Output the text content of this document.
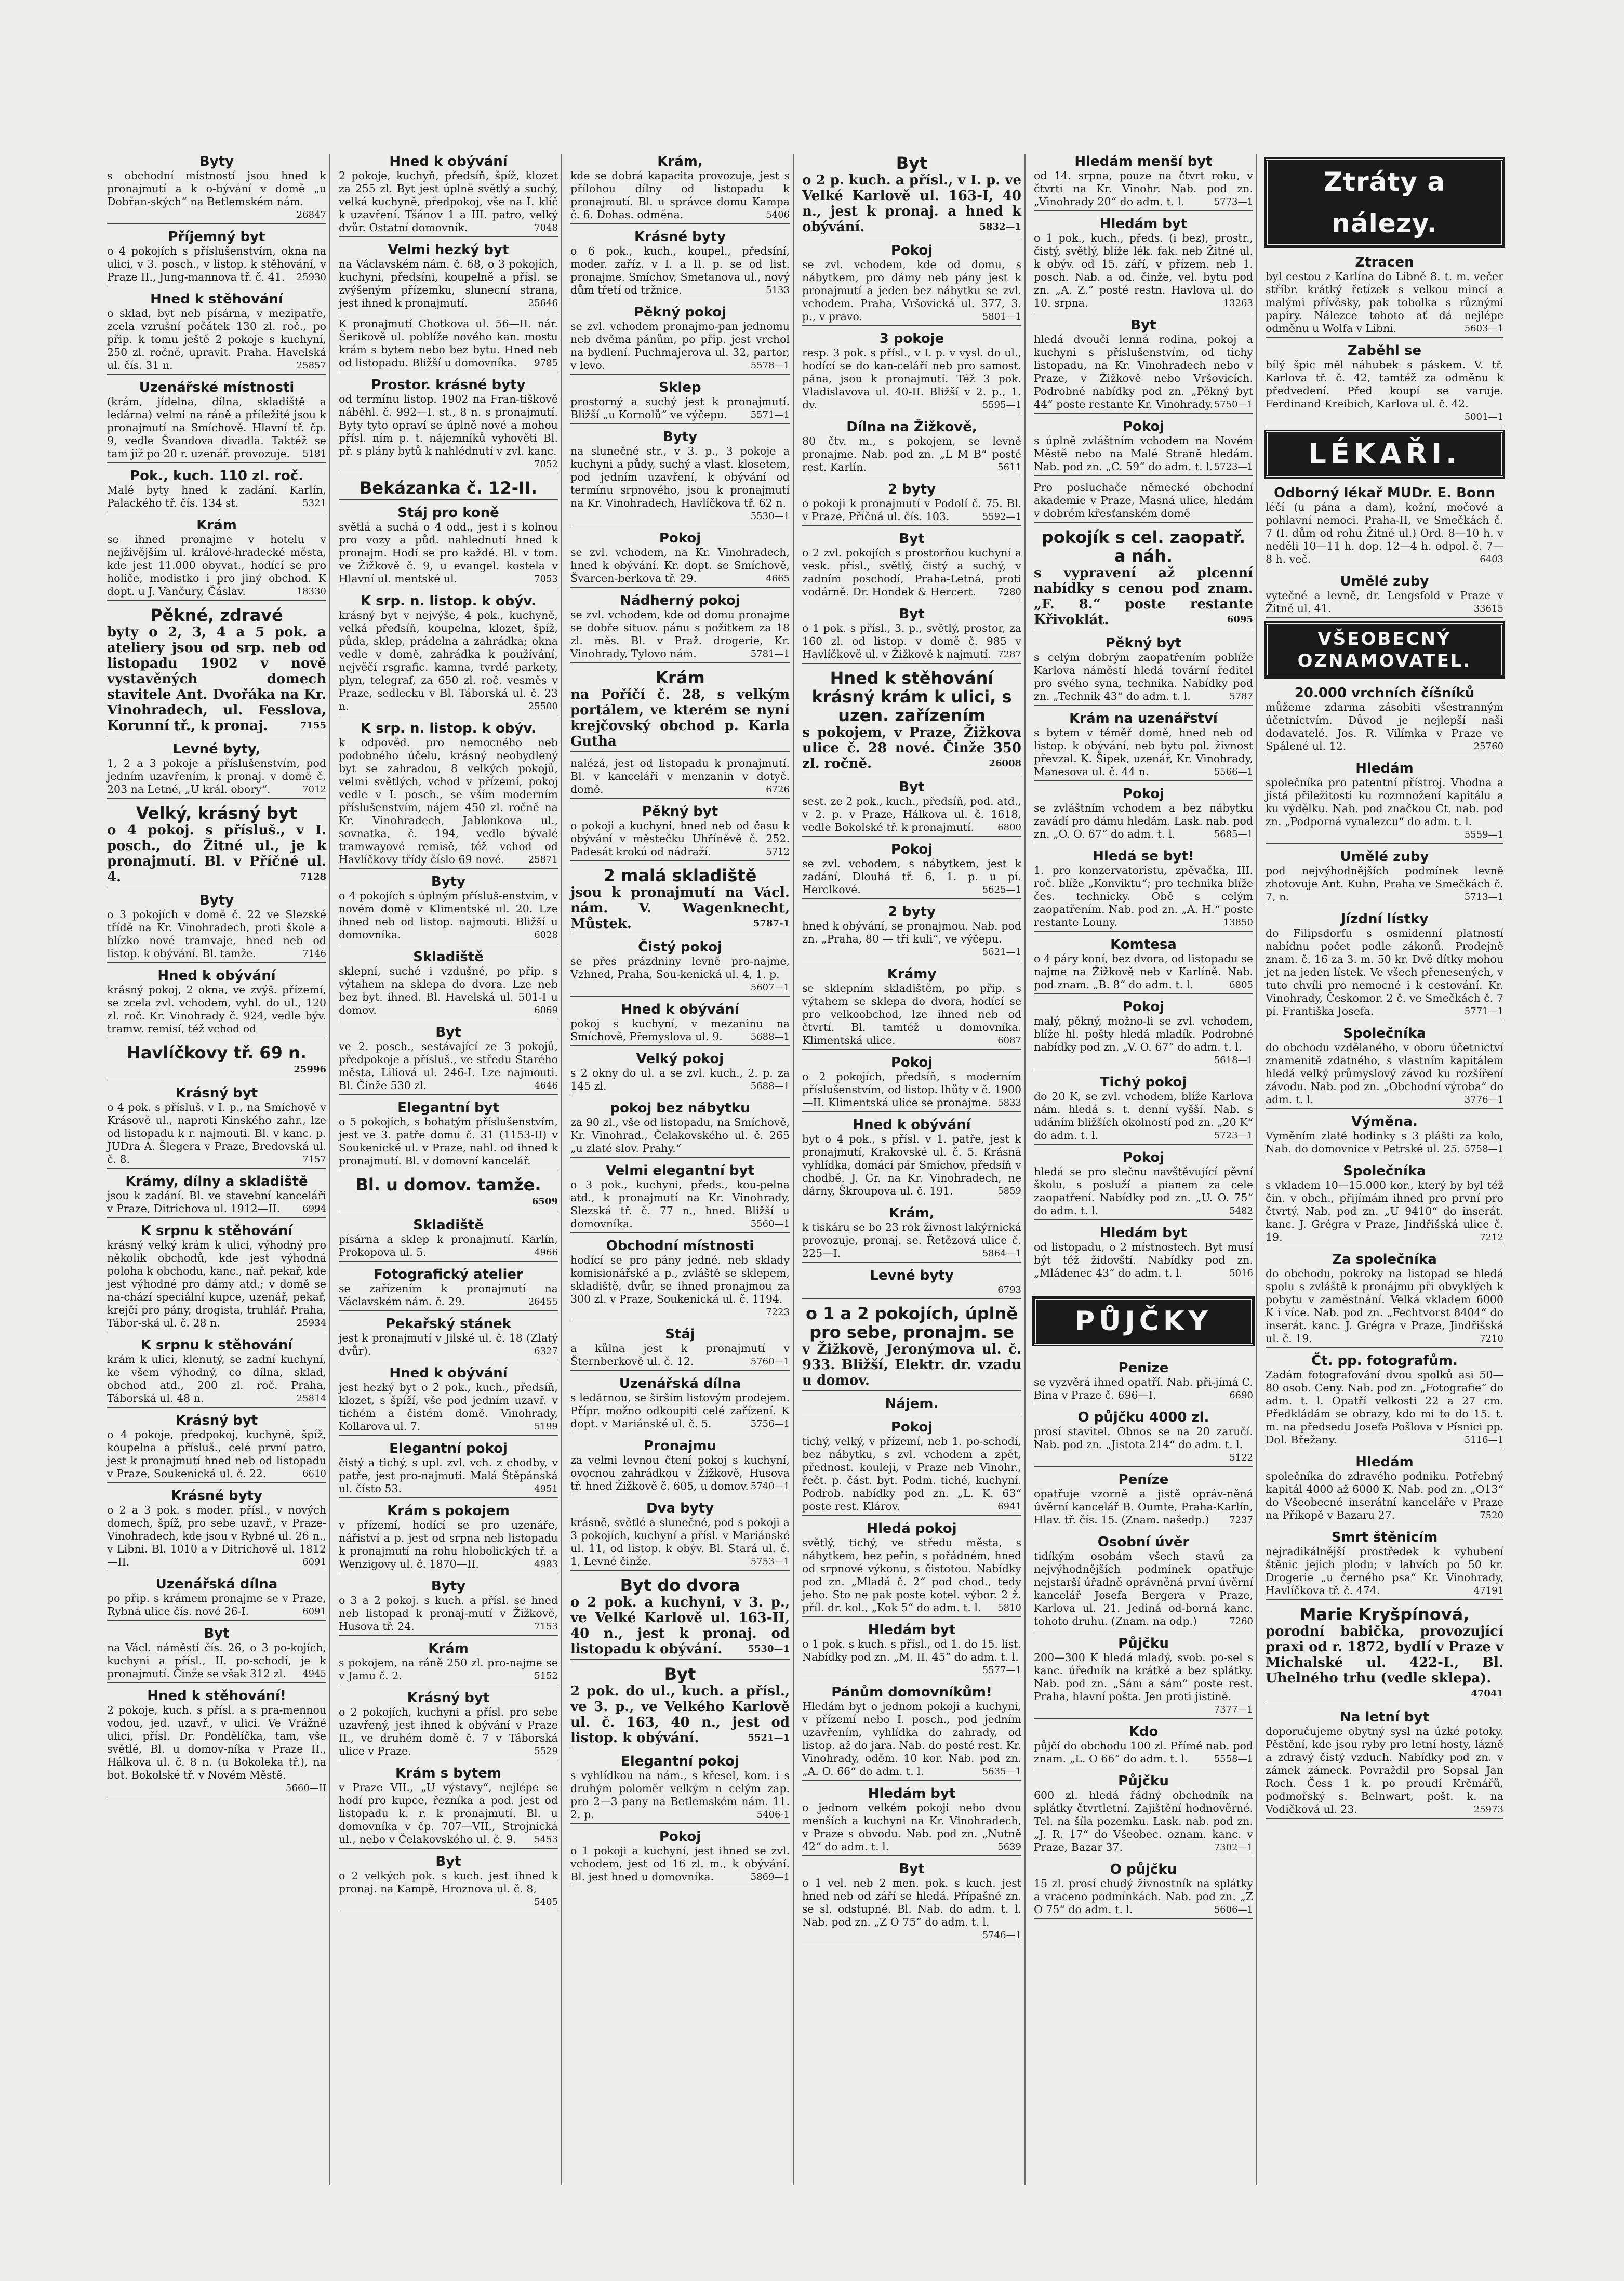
Byty
s obchodní místností jsou hned k pronajmutí a k o-bývání v domě „u Dobřan-ských“ na Betlemském nám.
26847
Příjemný byt
o 4 pokojích s příslušenstvím, okna na ulici, v 3. posch., v listop. k stěhování, v Praze II., Jung-mannova tř. č. 41. 25930
Hned k stěhování
o sklad, byt neb písárna, v mezipatře, zcela vzrušní počátek 130 zl. roč., po přip. k tomu ještě 2 pokoje s kuchyní, 250 zl. ročně, upravit. Praha. Havelská ul. čís. 31 n.	25857
Uzenářské místnosti
(krám, jídelna, dílna, skladiště a ledárna) velmi na ráně a příležité jsou k pronajmutí na Smíchově. Hlavní tř. čp. 9, vedle Švandova divadla. Taktéž se tam již po 20 r. uzenář. provozuje. 5181
Pok., kuch. 110 zl. roč.
Malé byty hned k zadání. Karlín, Palackého tř. čís. 134 st.	5321
Krám
se ihned pronajme v hotelu v nejživějším ul. králové-hradecké města, kde jest 11.000 obyvat., hodící se pro holiče, modistko i pro jiný obchod. K dopt. u J. Vančury, Čáslav.	18330
Pěkné, zdravé
byty o 2, 3, 4 a 5 pok. a ateliery jsou od srp. neb od listopadu 1902 v nově vystavěných domech stavitele Ant. Dvořáka na Kr. Vinohradech, ul. Fesslova, Korunní tř., k pronaj.	7155
Levné byty,
1, 2 a 3 pokoje a příslušenstvím, pod jedním uzavřením, k pronaj. v domě č. 203 na Letné, „U král. obory“.	7012
Velký, krásný byt
o 4 pokoj. s přísluš., v I. posch., do Žitné ul., je k pronajmutí. Bl. v Příčné ul. 4.	7128
Byty
o 3 pokojích v domě č. 22 ve Slezské třídě na Kr. Vinohradech, proti škole a blízko nové tramvaje, hned neb od listop. k obývání. Bl. tamže.	7146
Hned k obývání
krásný pokoj, 2 okna, ve zvýš. přízemí, se zcela zvl. vchodem, vyhl. do ul., 120 zl. roč. Kr. Vinohrady č. 924, vedle býv. tramw. remisí, též vchod od
Havlíčkovy tř. 69 n.
25996
Krásný byt
o 4 pok. s přísluš. v I. p., na Smíchově v Krásově ul., naproti Kinského zahr., lze od listopadu k r. najmouti. Bl. v kanc. p. JUDra A. Šlegera v Praze, Bredovská ul. č. 8.	7157
Krámy, dílny a skladiště
jsou k zadání. Bl. ve stavební kanceláři v Praze, Ditrichova ul. 1912—II. 6994
K srpnu k stěhování
krásný velký krám k ulici, výhodný pro několik obchodů, kde jest výhodná poloha k obchodu, kanc., nař. pekař, kde jest výhodné pro dámy atd.; v domě se na-chází speciální kupce, uzenář, pekař, krejčí pro pány, drogista, truhlář. Praha, Tábor-ská ul. č. 28 n.	25934
K srpnu k stěhování
krám k ulici, klenutý, se zadní kuchyní, ke všem výhodný, co dílna, sklad, obchod atd., 200 zl. roč. Praha, Táborská ul. 48 n.	25814
Krásný byt
o 4 pokoje, předpokoj, kuchyně, špíž, koupelna a přísluš., celé první patro, jest k pronajmutí hned neb od listopadu v Praze, Soukenická ul. č. 22.	6610
Krásné byty
o 2 a 3 pok. s moder. přísl., v nových domech, špíž, pro sebe uzavř., v Praze-Vinohradech, kde jsou v Rybné ul. 26 n., v Libni. Bl. 1010 a v Ditrichově ul. 1812—II.	6091
Uzenářská dílna
po přip. s krámem pronajme se v Praze, Rybná ulice čís. nové 26-I.	6091
Byt
na Václ. náměstí čís. 26, o 3 po-kojích, kuchyni a přísl., II. po-schodí, je k pronajmutí. Činže se však 312 zl. 4945
Hned k stěhování!
2 pokoje, kuch. s přísl. a s pra-mennou vodou, jed. uzavř., v ulici. Ve Vrážné ulici, přísl. Dr. Pondělíčka, tam, vše světlé, Bl. u domov-níka v Praze II., Hálkova ul. č. 8 n. (u Bokoleka tř.), na bot. Bokolské tř. v Novém Městě.
5660—II
Hned k obývání
2 pokoje, kuchyň, předsíň, špíž, klozet za 255 zl. Byt jest úplně světlý a suchý, velká kuchyně, předpokoj, vše na I. klíč k uzavření. Tšánov 1 a III. patro, velký dvůr. Ostatní domovník.	7048
Velmi hezký byt
na Václavském nám. č. 68, o 3 pokojích, kuchyni, předsíni, koupelně a přísl. se zvýšeným přízemku, slunecní strana, jest ihned k pronajmutí.	25646
K pronajmutí Chotkova ul. 56—II. nár. Šerikově ul. poblíže nového kan. mostu krám s bytem nebo bez bytu. Hned neb od listopadu. Bližší u domovníka. 9785
Prostor. krásné byty
od termínu listop. 1902 na Fran-tiškově náběhl. č. 992—I. st., 8 n. s pronajmutí. Byty tyto opraví se úplně nové a mohou přísl. ním p. t. nájemníků vyhověti Bl. př. s plány bytů k nahlédnutí v zvl. kanc.
7052
Bekázanka č. 12-II.
Stáj pro koně
světlá a suchá o 4 odd., jest i s kolnou pro vozy a půd. nahlednutí hned k pronajm. Hodí se pro každé. Bl. v tom. ve Žižkově č. 9, u evangel. kostela v Hlavní ul. mentské ul.	7053
K srp. n. listop. k obýv.
krásný byt v nejvýše, 4 pok., kuchyně, velká předsíň, koupelna, klozet, špíž, půda, sklep, prádelna a zahrádka; okna vedle v domě, zahrádka k používání, nejvěčí rsgrafic. kamna, tvrdé parkety, plyn, telegraf, za 650 zl. roč. vesměs v Praze, sedlecku v Bl. Táborská ul. č. 23 n.	25500
K srp. n. listop. k obýv.
k odpověd. pro nemocného neb podobného účelu, krásný neobydlený byt se zahradou, 8 velkých pokojů, velmi světlých, vchod v přízemí, pokoj vedle v I. posch., se vším moderním příslušenstvím, nájem 450 zl. ročně na Kr. Vinohradech, Jablonkova ul., sovnatka, č. 194, vedlo bývalé tramwayové remisě, též vchod od Havlíčkovy třídy číslo 69 nové.	25871
Byty
o 4 pokojích s úplným přísluš-enstvím, v novém domě v Klimentské ul. 20. Lze ihned neb od listop. najmouti. Bližší u domovníka.	6028
Skladiště
sklepní, suché i vzdušné, po přip. s výtahem na sklepa do dvora. Lze neb bez byt. ihned. Bl. Havelská ul. 501-I u domov.	6069
Byt
ve 2. posch., sestávající ze 3 pokojů, předpokoje a přísluš., ve středu Starého města, Liliová ul. 246-I. Lze najmouti. Bl. Činže 530 zl.	4646
Elegantní byt
o 5 pokojích, s bohatým příslušenstvím, jest ve 3. patře domu č. 31 (1153-II) v Soukenické ul. v Praze, nahl. od ihned k pronajmutí. Bl. v domovní kancelář.
Bl. u domov. tamže.
6509
Skladiště
písárna a sklep k pronajmutí. Karlín, Prokopova ul. 5.	4966
Fotografický atelier
se zařízením k pronajmutí na Václavském nám. č. 29.	26455
Pekařský stánek
jest k pronajmutí v Jilské ul. č. 18 (Zlatý dvůr).	6327
Hned k obývání
jest hezký byt o 2 pok., kuch., předsíň, klozet, s špíží, vše pod jedním uzavř. v tichém a čistém domě. Vinohrady, Kollarova ul. 7.	5199
Elegantní pokoj
čistý a tichý, s upl. zvl. vch. z chodby, v patře, jest pro-najmuti. Malá Štěpánská ul. čísto 53.	4951
Krám s pokojem
v přízemí, hodící se pro uzenáře, nářiství a p. jest od srpna neb listopadu k pronajmutí na rohu hlobolických tř. a Wenzigovy ul. č. 1870—II.	4983
Byty
o 3 a 2 pokoj. s kuch. a přísl. se hned neb listopad k pronaj-mutí v Žižkově, Husova tř. 24.	7153
Krám
s pokojem, na ráně 250 zl. pro-najme se v Jamu č. 2.	5152
Krásný byt
o 2 pokojích, kuchyni a přísl. pro sebe uzavřený, jest ihned k obývání v Praze II., ve druhém domě č. 7 v Táborská ulice v Praze.	5529
Krám s bytem
v Praze VII., „U výstavy“, nejlépe se hodí pro kupce, řezníka a pod. jest od listopadu k. r. k pronajmutí. Bl. u domovníka v čp. 707—VII., Strojnická ul., nebo v Čelakovského ul. č. 9. 5453
Byt
o 2 velkých pok. s kuch. jest ihned k pronaj. na Kampě, Hroznova ul. č. 8,
5405
Krám,
kde se dobrá kapacita provozuje, jest s přílohou dílny od listopadu k pronajmutí. Bl. u správce domu Kampa č. 6. Dohas. odměna.	5406
Krásné byty
o 6 pok., kuch., koupel., předsíní, moder. zaříz. v I. a II. p. se od list. pronajme. Smíchov, Smetanova ul., nový dům třetí od tržnice.	5133
Pěkný pokoj
se zvl. vchodem pronajmo-pan jednomu neb dvěma pánům, po přip. jest vrchol na bydlení. Puchmajerova ul. 32, partor, v levo.	5578—1
Sklep
prostorný a suchý jest k pronajmutí. Bližší „u Kornolů“ ve výčepu. 5571—1
Byty
na slunečné str., v 3. p., 3 pokoje a kuchyni a půdy, suchý a vlast. klosetem, pod jedním uzavření, k obývání od termínu srpnového, jsou k pronajmutí na Kr. Vinohradech, Havlíčkova tř. 62 n.
5530—1
Pokoj
se zvl. vchodem, na Kr. Vinohradech, hned k obývání. Kr. dopt. se Smíchově, Švarcen-berkova tř. 29.	4665
Nádherný pokoj
se zvl. vchodem, kde od domu pronajme se dobře situov. pánu s požitkem za 18 zl. měs. Bl. v Praž. drogerie, Kr. Vinohrady, Tylovo nám.	5781—1
Krám
na Poříčí č. 28, s velkým portálem, ve kterém se nyní krejčovský obchod p. Karla Gutha
nalézá, jest od listopadu k pronajmutí. Bl. v kanceláři v menzanin v dotyč. domě.	6726
Pěkný byt
o pokoji a kuchyni, hned neb od času k obývání v městečku Uhříněvě č. 252. Padesát krokú od nádraží.	5712
2 malá skladiště
jsou k pronajmutí na Václ. nám. V. Wagenknecht, Můstek.	5787-1
Čistý pokoj
se přes prázdniny levně pro-najme, Vzhned, Praha, Sou-kenická ul. 4, 1. p.
5607—1
Hned k obývání
pokoj s kuchyní, v mezaninu na Smíchově, Přemyslova ul. 9.	5688—1
Velký pokoj
s 2 okny do ul. a se zvl. kuch., 2. p. za 145 zl.	5688—1
pokoj bez nábytku
za 90 zl., vše od listopadu, na Smíchově, Kr. Vinohrad., Čelakovského ul. č. 265 „u zlaté slov. Prahy.“
Velmi elegantní byt
o 3 pok., kuchyni, předs., kou-pelna atd., k pronajmutí na Kr. Vinohrady, Slezská tř. č. 77 n., hned. Bližší u domovníka.	5560—1
Obchodní místnosti
hodící se pro pány jedné. neb sklady komisionářské a p., zvláště se sklepem, skladiště, dvůr, se ihned pronajmou za 300 zl. v Praze, Soukenická ul. č. 1194.
7223
Stáj
a kůlna jest k pronajmutí v Šternberkově ul. č. 12.	5760—1
Uzenářská dílna
s ledárnou, se širším listovým prodejem. Přípr. možno odkoupiti celé zařízení. K dopt. v Mariánské ul. č. 5.	5756—1
Pronajmu
za velmi levnou čtení pokoj s kuchyní, ovocnou zahrádkou v Žižkově, Husova tř. hned Žižkově č. 605, u domov. 5740—1
Dva byty
krásně, světlé a slunečné, pod s pokoji a 3 pokojích, kuchyní a přísl. v Mariánské ul. 11, od listop. k obýv. Bl. Stará ul. č. 1, Levné činže.	5753—1
Byt do dvora
o 2 pok. a kuchyni, v 3. p., ve Velké Karlově ul. 163-II, 40 n., jest k pronaj. od listopadu k obývání.	5530—1
Byt
2 pok. do ul., kuch. a přísl., ve 3. p., ve Velkého Karlově ul. č. 163, 40 n., jest od listop. k obývání.	5521—1
Elegantní pokoj
s vyhlídkou na nám., s křesel, kom. i s druhým poloměr velkým n celým zap. pro 2—3 pany na Betlemském nám. 11. 2. p.	5406-1
Pokoj
o 1 pokoji a kuchyní, jest ihned se zvl. vchodem, jest od 16 zl. m., k obývání. Bl. jest hned u domovníka.	5869—1
Byt
o 2 p. kuch. a přísl., v I. p. ve Velké Karlově ul. 163-I, 40 n., jest k pronaj. a hned k obývání.	5832—1
Pokoj
se zvl. vchodem, kde od domu, s nábytkem, pro dámy neb pány jest k pronajmutí a jeden bez nábytku se zvl. vchodem. Praha, Vršovická ul. 377, 3. p., v pravo.	5801—1
3 pokoje
resp. 3 pok. s přísl., v I. p. v vysl. do ul., hodící se do kan-celáří neb pro samost. pána, jsou k pronajmutí. Též 3 pok. Vladislavova ul. 40-II. Bližší v 2. p., 1. dv.	5595—1
Dílna na Žižkově,
80 čtv. m., s pokojem, se levně pronajme. Nab. pod zn. „L M B“ posté rest. Karlín.	5611
2 byty
o pokoji k pronajmutí v Podolí č. 75. Bl. v Praze, Příčná ul. čís. 103.	5592—1
Byt
o 2 zvl. pokojích s prostorňou kuchyní a vesk. přísl., světlý, čistý a suchý, v zadním poschodí, Praha-Letná, proti vodárně. Dr. Hondek & Hercert. 7280
Byt
o 1 pok. s přísl., 3. p., světlý, prostor, za 160 zl. od listop. v domě č. 985 v Havlíčkově ul. v Žižkově k najmutí. 7287
Hned k stěhování krásný krám k ulici, s uzen. zařízením
s pokojem, v Praze, Žižkova ulice č. 28 nové. Činže 350 zl. ročně.	26008
Byt
sest. ze 2 pok., kuch., předsíň, pod. atd., v 2. p. v Praze, Hálkova ul. č. 1618, vedle Bokolské tř. k pronajmutí.	6800
Pokoj
se zvl. vchodem, s nábytkem, jest k zadání, Dlouhá tř. 6, 1. p. u pí. Herclkové.	5625—1
2 byty
hned k obývání, se pronajmou. Nab. pod zn. „Praha, 80 — tři kuli“, ve výčepu.
5621—1
Krámy
se sklepním skladištěm, po přip. s výtahem se sklepa do dvora, hodící se pro velkoobchod, lze ihned neb od čtvrtí. Bl. tamtéž u domovníka. Klimentská ulice.	6087
Pokoj
o 2 pokojích, předsíň, s moderním příslušenstvím, od listop. lhůty v č. 1900—II. Klimentská ulice se pronajme. 5833
Hned k obývání
byt o 4 pok., s přísl. v 1. patře, jest k pronajmutí, Krakovské ul. č. 5. Krásná vyhlídka, domácí pár Smíchov, předsíň v chodbě. J. Gr. na Kr. Vinohradech, ne dárny, Škroupova ul. č. 191.	5859
Krám,
k tiskáru se bo 23 rok živnost lakýrnická provozuje, pronaj. se. Řetězová ulice č. 225—I.	5864—1
Levné byty
6793
o 1 a 2 pokojích, úplně pro sebe, pronajm. se
v Žižkově, Jeronýmova ul. č. 933. Bližší, Elektr. dr. vzadu u domov.
Nájem.
Pokoj
tichý, velký, v přízemí, neb 1. po-schodí, bez nábytku, s zvl. vchodem a zpět, přednost. kouleji, v Praze neb Vinohr., řečt. p. část. byt. Podm. tiché, kuchyní. Podrob. nabídky pod zn. „L. K. 63“ poste rest. Klárov.	6941
Hledá pokoj
světlý, tichý, ve středu města, s nábytkem, bez peřin, s pořádném, hned od srpnové výkonu, s čistotou. Nabídky pod zn. „Mladá č. 2“ pod chod., tedy jeho. Sto ne pak poste kotel. výbor. 2 ž. příl. dr. kol., „Kok 5“ do adm. t. l. 5810
Hledám byt
o 1 pok. s kuch. s přísl., od 1. do 15. list. Nabídky pod zn. „M. II. 45“ do adm. t. l.
5577—1
Pánům domovníkům!
Hledám byt o jednom pokoji a kuchyni, v přízemí nebo I. posch., pod jedním uzavřením, vyhlídka do zahrady, od listop. až do jara. Nab. do posté rest. Kr. Vinohrady, oděm. 10 kor. Nab. pod zn. „A. O. 66“ do adm. t. l.	5635—1
Hledám byt
o jednom velkém pokoji nebo dvou menších a kuchyni na Kr. Vinohradech, v Praze s obvodu. Nab. pod zn. „Nutně 42“ do adm. t. l.	5639
Byt
o 1 vel. neb 2 men. pok. s kuch. jest hned neb od září se hledá. Přípašné zn. se sl. odstupné. Bl. Nab. do adm. t. l. Nab. pod zn. „Z O 75“ do adm. t. l.
5746—1
Hledám menší byt
od 14. srpna, pouze na čtvrt roku, v čtvrti na Kr. Vinohr. Nab. pod zn. „Vinohrady 20“ do adm. t. l.	5773—1
Hledám byt
o 1 pok., kuch., předs. (i bez), prostr., čistý, světlý, blíže lék. fak. neb Žitné ul. k obýv. od 15. září, v přízem. neb 1. posch. Nab. a od. činže, vel. bytu pod zn. „A. Z.“ posté restn. Havlova ul. do 10. srpna.	13263
Byt
hledá dvouči lenná rodina, pokoj a kuchyni s příslušenstvím, od tichy listopadu, na Kr. Vinohradech nebo v Praze, v Žižkově nebo Vršovicích. Podrobné nabídky pod zn. „Pěkný byt 44“ poste restante Kr. Vinohrady. 5750—1
Pokoj
s úplně zvláštním vchodem na Novém Městě nebo na Malé Straně hledám. Nab. pod zn. „C. 59“ do adm. t. l. 5723—1
Pro posluchače německé obchodní akademie v Praze, Masná ulice, hledám v dobrém křesťanském domě
pokojík s cel. zaopatř. a náh.
s vypravení až plcenní nabídky s cenou pod znam. „F. 8.“ poste restante Křivoklát.	6095
Pěkný byt
s celým dobrým zaopatřením poblíže Karlova náměstí hledá tovární ředitel pro svého syna, technika. Nabídky pod zn. „Technik 43“ do adm. t. l.	5787
Krám na uzenářství
s bytem v téměř domě, hned neb od listop. k obývání, neb bytu pol. živnost převzal. K. Šipek, uzenář, Kr. Vinohrady, Manesova ul. č. 44 n.	5566—1
Pokoj
se zvláštním vchodem a bez nábytku zavádí pro dámu hledám. Lask. nab. pod zn. „O. O. 67“ do adm. t. l.	5685—1
Hledá se byt!
1. pro konzervatoristu, zpěvačka, III. roč. blíže „Konviktu“; pro technika blíže čes. technicky. Obě s celým zaopatřením. Nab. pod zn. „A. H.“ poste restante Louny.	13850
Komtesa
o 4 páry koní, bez dvora, od listopadu se najme na Žižkově neb v Karlíně. Nab. pod znam. „B. 8“ do adm. t. l.	6805
Pokoj
malý, pěkný, možno-li se zvl. vchodem, blíže hl. pošty hledá mladík. Podrobné nabídky pod zn. „V. O. 67“ do adm. t. l.
5618—1
Tichý pokoj
do 20 K, se zvl. vchodem, blíže Karlova nám. hledá s. t. denní vyšší. Nab. s udáním bližších okolností pod zn. „20 K“ do adm. t. l.	5723—1
Pokoj
hledá se pro slečnu navštěvující pěvní školu, s posluží a pianem za cele zaopatření. Nabídky pod zn. „U. O. 75“ do adm. t. l.	5482
Hledám byt
od listopadu, o 2 místnostech. Byt musí být též židovští. Nabídky pod zn. „Mládenec 43“ do adm. t. l.	5016
PŮJČKY
Penize
se vyzvěrá ihned opatří. Nab. při-jímá C. Bina v Praze č. 696—I.	6690
O půjčku 4000 zl.
prosí stavitel. Obnos se na 20 zaručí. Nab. pod zn. „Jistota 214“ do adm. t. l.
5122
Peníze
opatřuje vzorně a jistě opráv-něná úvěrní kancelář B. Oumte, Praha-Karlín, Hlav. tř. čís. 15. (Znam. našedp.) 7237
Osobní úvěr
tidíkým osobám všech stavů za nejvýhodnějších podmínek opatřuje nejstarší úřadně oprávněná první úvěrní kancelář Josefa Bergera v Praze, Karlova ul. 21. Jediná od-borná kanc. tohoto druhu. (Znam. na odp.)	7260
Půjčku
200—300 K hledá mladý, svob. po-sel s kanc. úředník na krátké a bez splátky. Nab. pod zn. „Sám a sám“ poste rest. Praha, hlavní pošta. Jen proti jistině.
7377—1
Kdo
půjčí do obchodu 100 zl. Přímé nab. pod znam. „L. O 66“ do adm. t. l.	5558—1
Půjčku
600 zl. hledá řádný obchodník na splátky čtvrtletní. Zajištění hodnověrné. Tel. na šíla pozemku. Lask. nab. pod zn. „J. R. 17“ do Všeobec. oznam. kanc. v Praze, Bazar 37.	7302—1
O půjčku
15 zl. prosí chudý živnostník na splátky a vraceno podmínkách. Nab. pod zn. „Z O 75“ do adm. t. l.	5606—1
Ztráty a nálezy.
Ztracen
byl cestou z Karlína do Libně 8. t. m. večer stříbr. krátký řetízek s velkou mincí a malými přívěsky, pak tobolka s různými papíry. Nálezce tohoto ať dá nejlépe odměnu u Wolfa v Libni.	5603—1
Zaběhl se
bílý špic měl náhubek s páskem. V. tř. Karlova tř. č. 42, tamtéž za odměnu k předvedení. Před koupí se varuje. Ferdinand Kreibich, Karlova ul. č. 42.
5001—1
LÉKAŘI.
Odborný lékař MUDr. E. Bonn
léčí (u pána a dam), kožní, močové a pohlavní nemoci. Praha-II, ve Smečkách č. 7 (I. dům od rohu Žitné ul.) Ord. 8—10 h. v neděli 10—11 h. dop. 12—4 h. odpol. č. 7—8 h. več.	6403
Umělé zuby
vytečné a levně, dr. Lengsfold v Praze v Žitné ul. 41.	33615
VŠEOBECNÝ OZNAMOVATEL.
20.000 vrchních číšníků
můžeme zdarma zásobiti všestranným účetnictvím. Důvod je nejlepší naši dodavatelé. Jos. R. Vilímka v Praze ve Spálené ul. 12.	25760
Hledám
společníka pro patentní přístroj. Vhodna a jistá přiležitosti ku rozmnožení kapitálu a ku výdělku. Nab. pod značkou Ct. nab. pod zn. „Podporná vynalezcu“ do adm. t. l.
5559—1
Umělé zuby
pod nejvýhodnějších podmínek levně zhotovuje Ant. Kuhn, Praha ve Smečkách č. 7, n.	5713—1
Jízdní lístky
do Filipsdorfu s osmidenní platností nabídnu počet podle zákonů. Prodejně znam. č. 16 za 3. m. 50 kr. Dvě dítky mohou jet na jeden lístek. Ve všech přenesených, v tuto chvíli pro nemocné i k cestování. Kr. Vinohrady, Českomor. 2 č. ve Smečkách č. 7 pí. Františka Josefa.	5771—1
Společníka
do obchodu vzdělaného, v oboru účetnictví znamenitě zdatného, s vlastním kapitálem hledá velký průmyslový závod ku rozšíření závodu. Nab. pod zn. „Obchodní výroba“ do adm. t. l.	3776—1
Výměna.
Vyměním zlaté hodinky s 3 plášti za kolo, Nab. do domovnice v Petrské ul. 25. 5758—1
Společníka
s vkladem 10—15.000 kor., který by byl též čin. v obch., přijímám ihned pro první pro čtvrtý. Nab. pod zn. „U 9410“ do inserát. kanc. J. Grégra v Praze, Jindřišská ulice č. 19.	7212
Za společníka
do obchodu, pokroky na listopad se hledá spolu s zvláště k pronájmu při obvyklých k pobytu v zaměstnání. Velká vkladem 6000 K i více. Nab. pod zn. „Fechtvorst 8404“ do inserát. kanc. J. Grégra v Praze, Jindřišská ul. č. 19.	7210
Čt. pp. fotografům.
Zadám fotografování dvou spolků asi 50—80 osob. Ceny. Nab. pod zn. „Fotografie“ do adm. t. l. Opatří velkosti 22 a 27 cm. Předkládám se obrazy, kdo mi to do 15. t. m. na předsedu Josefa Pošlova v Písnici pp. Dol. Břežany.	5116—1
Hledám
společníka do zdravého podniku. Potřebný kapitál 4000 až 6000 K. Nab. pod zn. „O13“ do Všeobecné inserátní kanceláře v Praze na Příkopě v Bazaru 27.	7520
Smrt štěnicím
nejradikálnější prostředek k vyhubení štěnic jejich plodu; v lahvích po 50 kr. Drogerie „u černého psa“ Kr. Vinohrady, Havlíčkova tř. č. 474.	47191
Marie Kryšpínová,
porodní babička, provozující praxi od r. 1872, bydlí v Praze v Michalské ul. 422-I., Bl. Uhelného trhu (vedle sklepa).
47041
Na letní byt
doporučujeme obytný sysl na úzké potoky. Pěstění, kde jsou ryby pro letní hosty, lázně a zdravý čistý vzduch. Nabídky pod zn. v zámek zámeck. Povraždil pro Sopsal Jan Roch. Čess 1 k. po proudí Krčmářů, podmořský s. Belnwart, pošt. k. na Vodičková ul. 23.	25973
